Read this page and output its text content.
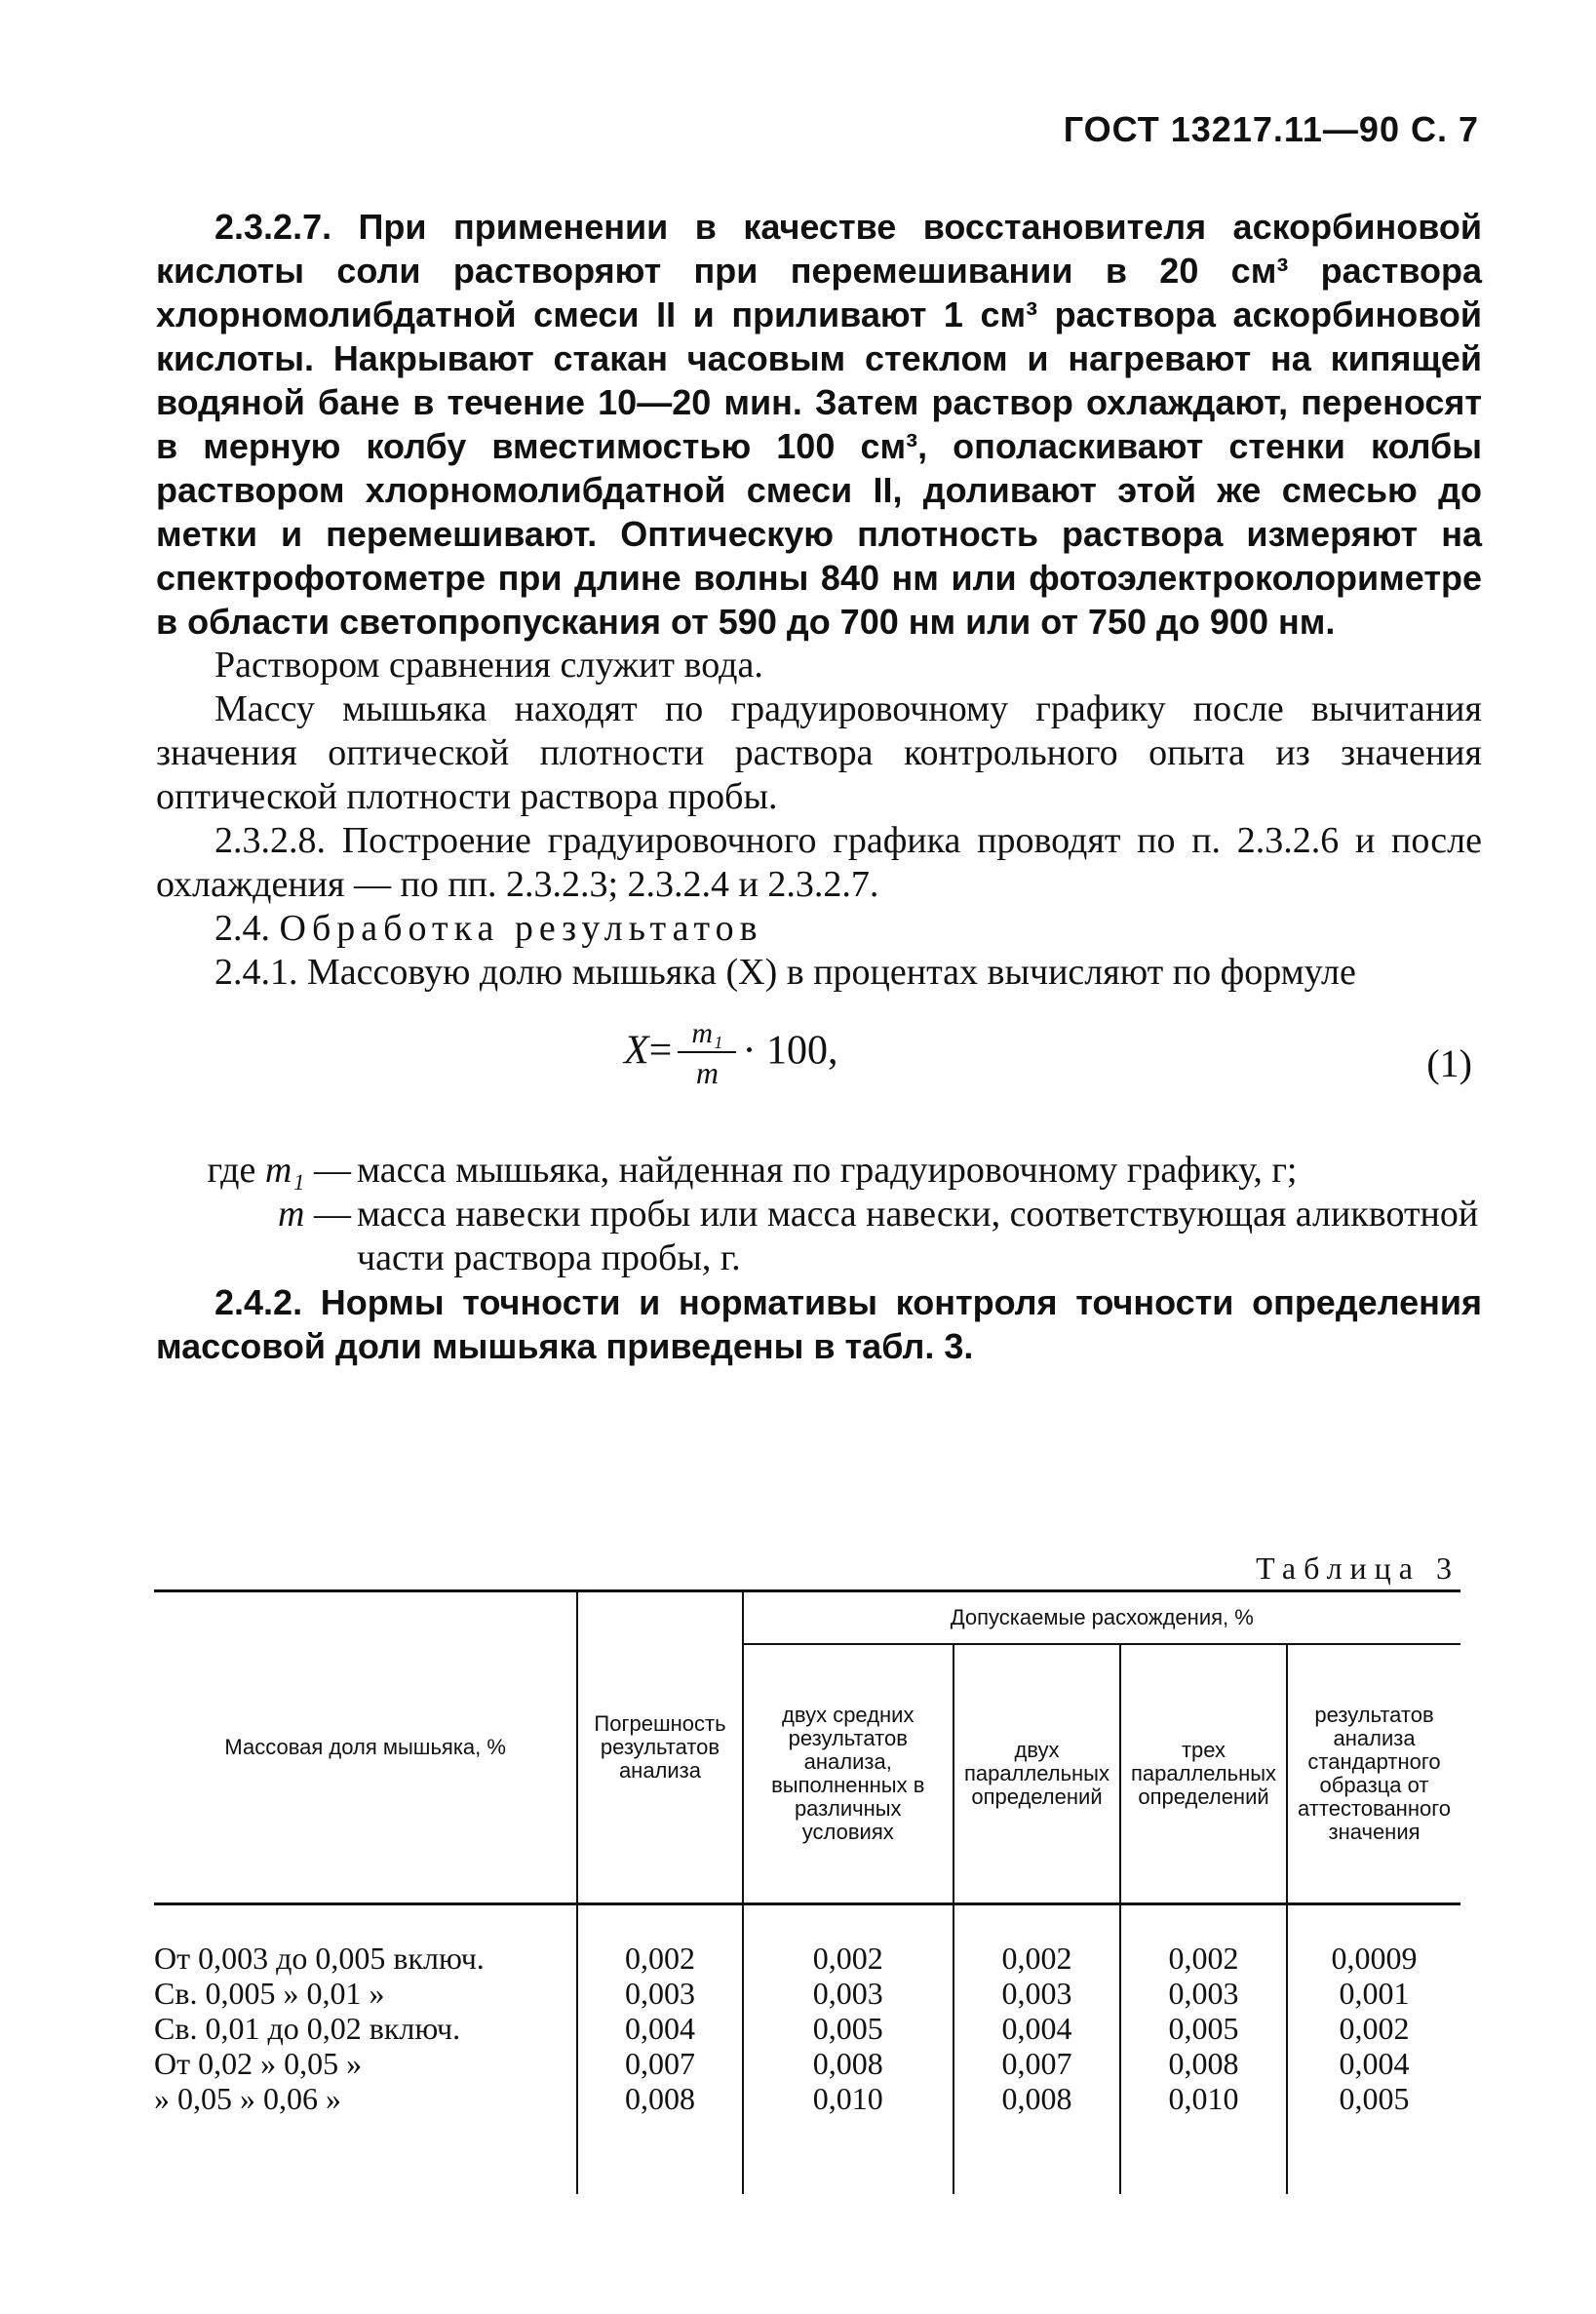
ГОСТ 13217.11—90 С. 7

2.3.2.7. При применении в качестве восстановителя аскорбиновой кислоты соли растворяют при перемешивании в 20 см³ раствора хлорномолибдатной смеси II и приливают 1 см³ раствора аскорбиновой кислоты. Накрывают стакан часовым стеклом и нагревают на кипящей водяной бане в течение 10—20 мин. Затем раствор охлаждают, переносят в мерную колбу вместимостью 100 см³, ополаскивают стенки колбы раствором хлорномолибдатной смеси II, доливают этой же смесью до метки и перемешивают. Оптическую плотность раствора измеряют на спектрофотометре при длине волны 840 нм или фотоэлектроколориметре в области светопропускания от 590 до 700 нм или от 750 до 900 нм.

Раствором сравнения служит вода.

Массу мышьяка находят по градуировочному графику после вычитания значения оптической плотности раствора контрольного опыта из значения оптической плотности раствора пробы.

2.3.2.8. Построение градуировочного графика проводят по п. 2.3.2.6 и после охлаждения — по пп. 2.3.2.3; 2.3.2.4 и 2.3.2.7.

2.4. Обработка результатов

2.4.1. Массовую долю мышьяка (X) в процентах вычисляют по формуле

$X= \frac{\text{m₁}}{m} \cdot 100$,	(1)
где m₁ — масса мышьяка, найденная по градуировочному графику, г;
m — масса навески пробы или масса навески, соответствующая аликвотной части раствора пробы, г.

2.4.2. Нормы точности и нормативы контроля точности определения массовой доли мышьяка приведены в табл. 3.

Таблица 3
Массовая доля мышьяка, %	Погрешность результатов анализа	Допускаемые расхождения, %			
		двух средних результатов анализа, выполненных в различных условиях	двух параллельных определений	трех параллельных определений	результатов анализа стандартного образца от аттестованного значения
От 0,003 до 0,005 включ.	0,002	0,002	0,002	0,002	0,0009
Св. 0,005 » 0,01 »	0,003	0,003	0,003	0,003	0,001
Св. 0,01 до 0,02 включ.	0,004	0,005	0,004	0,005	0,002
От 0,02 » 0,05 »	0,007	0,008	0,007	0,008	0,004
» 0,05 » 0,06 »	0,008	0,010	0,008	0,010	0,005
